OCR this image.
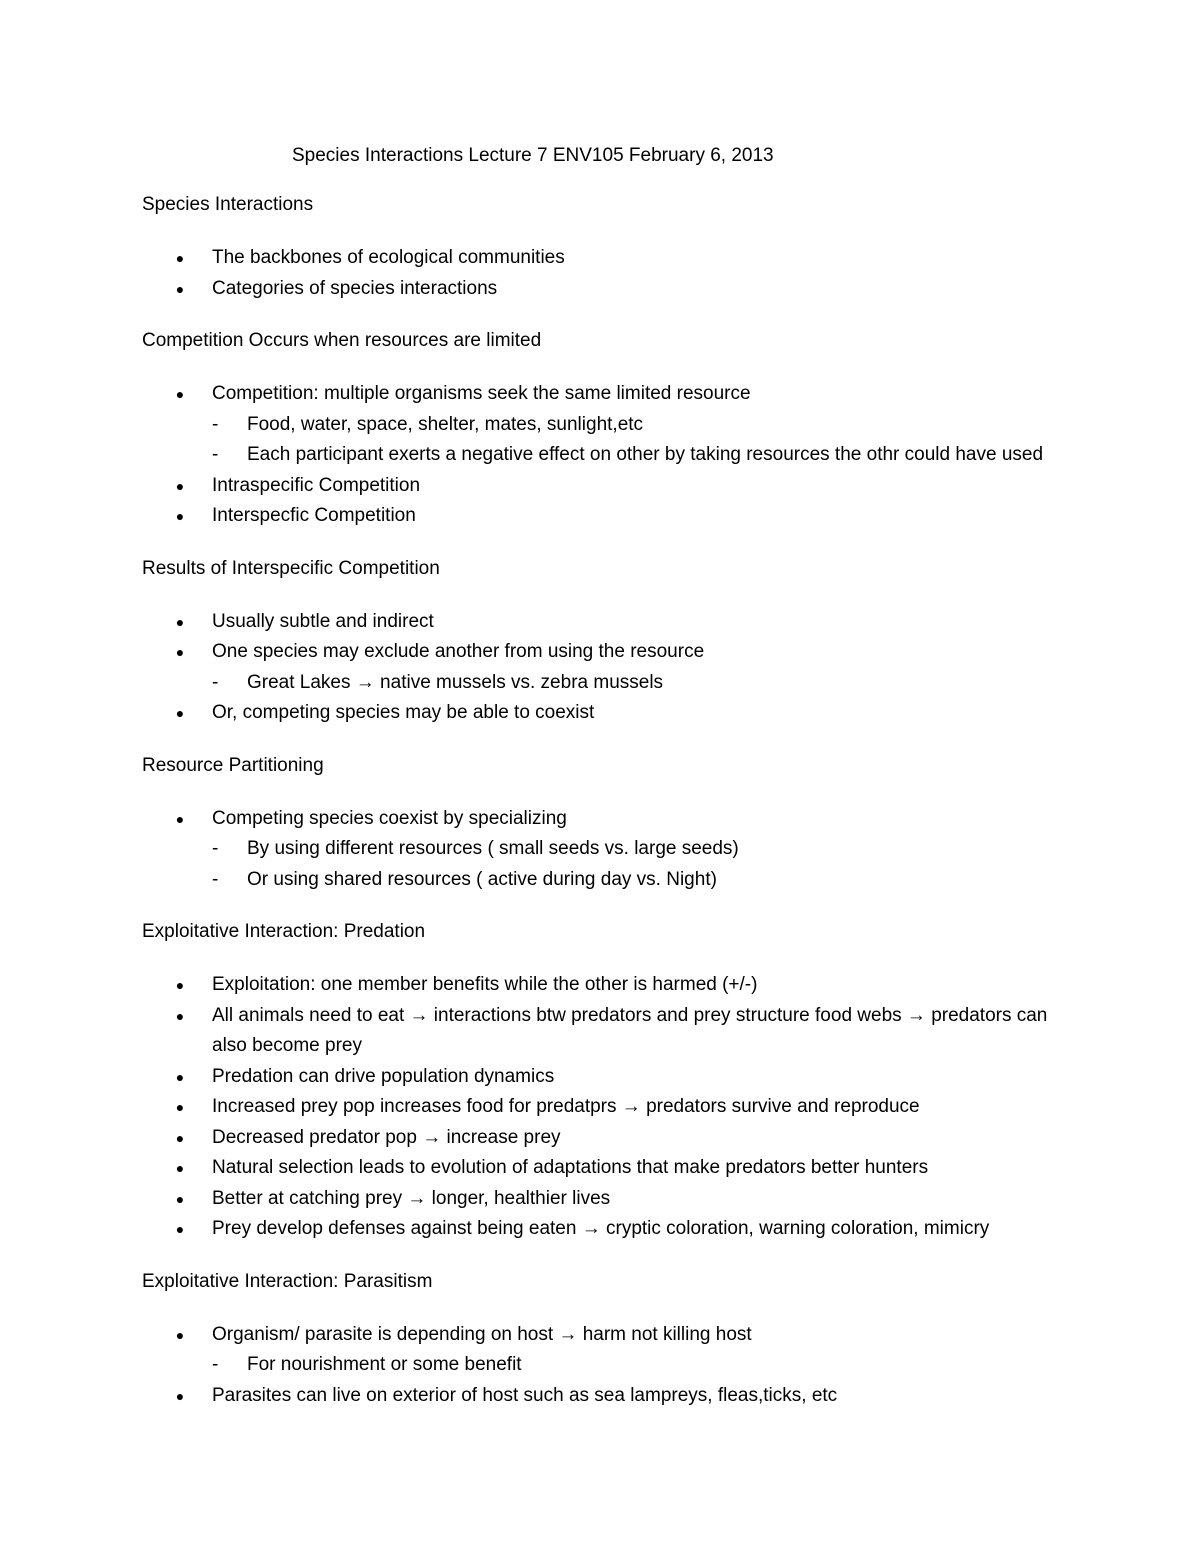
Species Interactions Lecture 7 ENV105 February 6, 2013
Species Interactions
● The backbones of ecological communities
● Categories of species interactions
Competition Occurs when resources are limited
● Competition: multiple organisms seek the same limited resource
- Food, water, space, shelter, mates, sunlight,etc
- Each participant exerts a negative effect on other by taking resources the othr could have used
● Intraspecific Competition
● Interspecfic Competition
Results of Interspecific Competition
● Usually subtle and indirect
● One species may exclude another from using the resource
- Great Lakes → native mussels vs. zebra mussels
● Or, competing species may be able to coexist
Resource Partitioning
● Competing species coexist by specializing
- By using different resources ( small seeds vs. large seeds)
- Or using shared resources ( active during day vs. Night)
Exploitative Interaction: Predation
● Exploitation: one member benefits while the other is harmed (+/-)
● All animals need to eat → interactions btw predators and prey structure food webs → predators can also become prey
● Predation can drive population dynamics
● Increased prey pop increases food for predatprs → predators survive and reproduce
● Decreased predator pop → increase prey
● Natural selection leads to evolution of adaptations that make predators better hunters
● Better at catching prey → longer, healthier lives
● Prey develop defenses against being eaten → cryptic coloration, warning coloration, mimicry
Exploitative Interaction: Parasitism
● Organism/ parasite is depending on host → harm not killing host
- For nourishment or some benefit
● Parasites can live on exterior of host such as sea lampreys, fleas,ticks, etc
